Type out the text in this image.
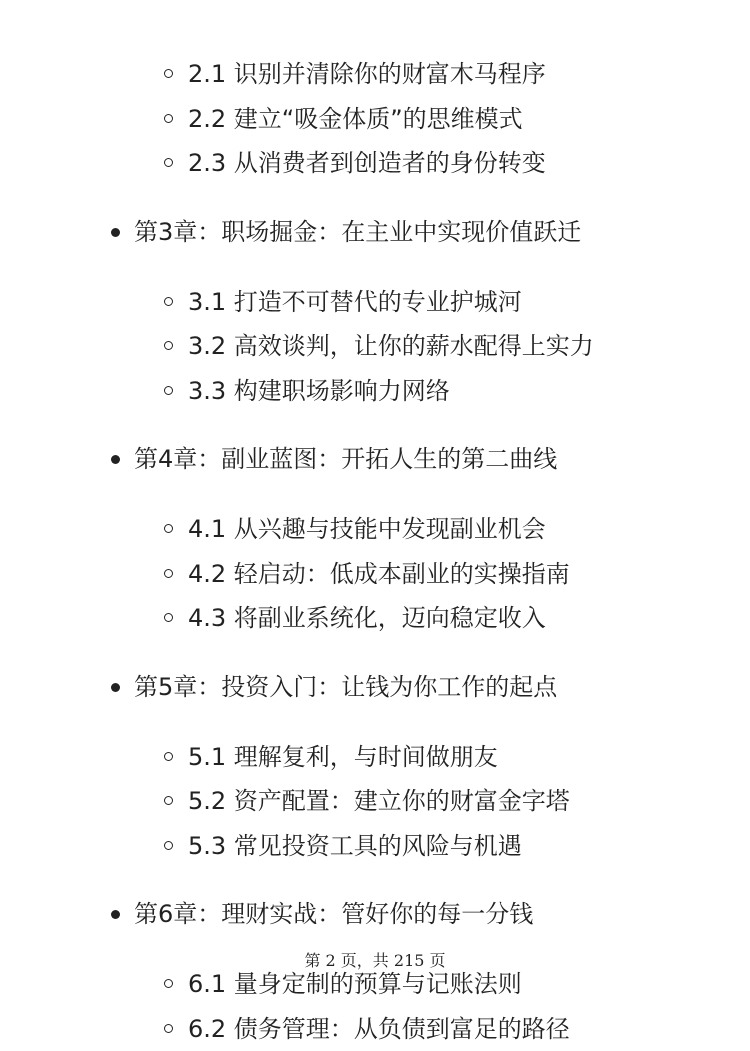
2.1 识别并清除你的财富木马程序
2.2 建立“吸金体质”的思维模式
2.3 从消费者到创造者的身份转变
第3章：职场掘金：在主业中实现价值跃迁
3.1 打造不可替代的专业护城河
3.2 高效谈判，让你的薪水配得上实力
3.3 构建职场影响力网络
第4章：副业蓝图：开拓人生的第二曲线
4.1 从兴趣与技能中发现副业机会
4.2 轻启动：低成本副业的实操指南
4.3 将副业系统化，迈向稳定收入
第5章：投资入门：让钱为你工作的起点
5.1 理解复利，与时间做朋友
5.2 资产配置：建立你的财富金字塔
5.3 常见投资工具的风险与机遇
第6章：理财实战：管好你的每一分钱
6.1 量身定制的预算与记账法则
6.2 债务管理：从负债到富足的路径
第 2 页，共 215 页
